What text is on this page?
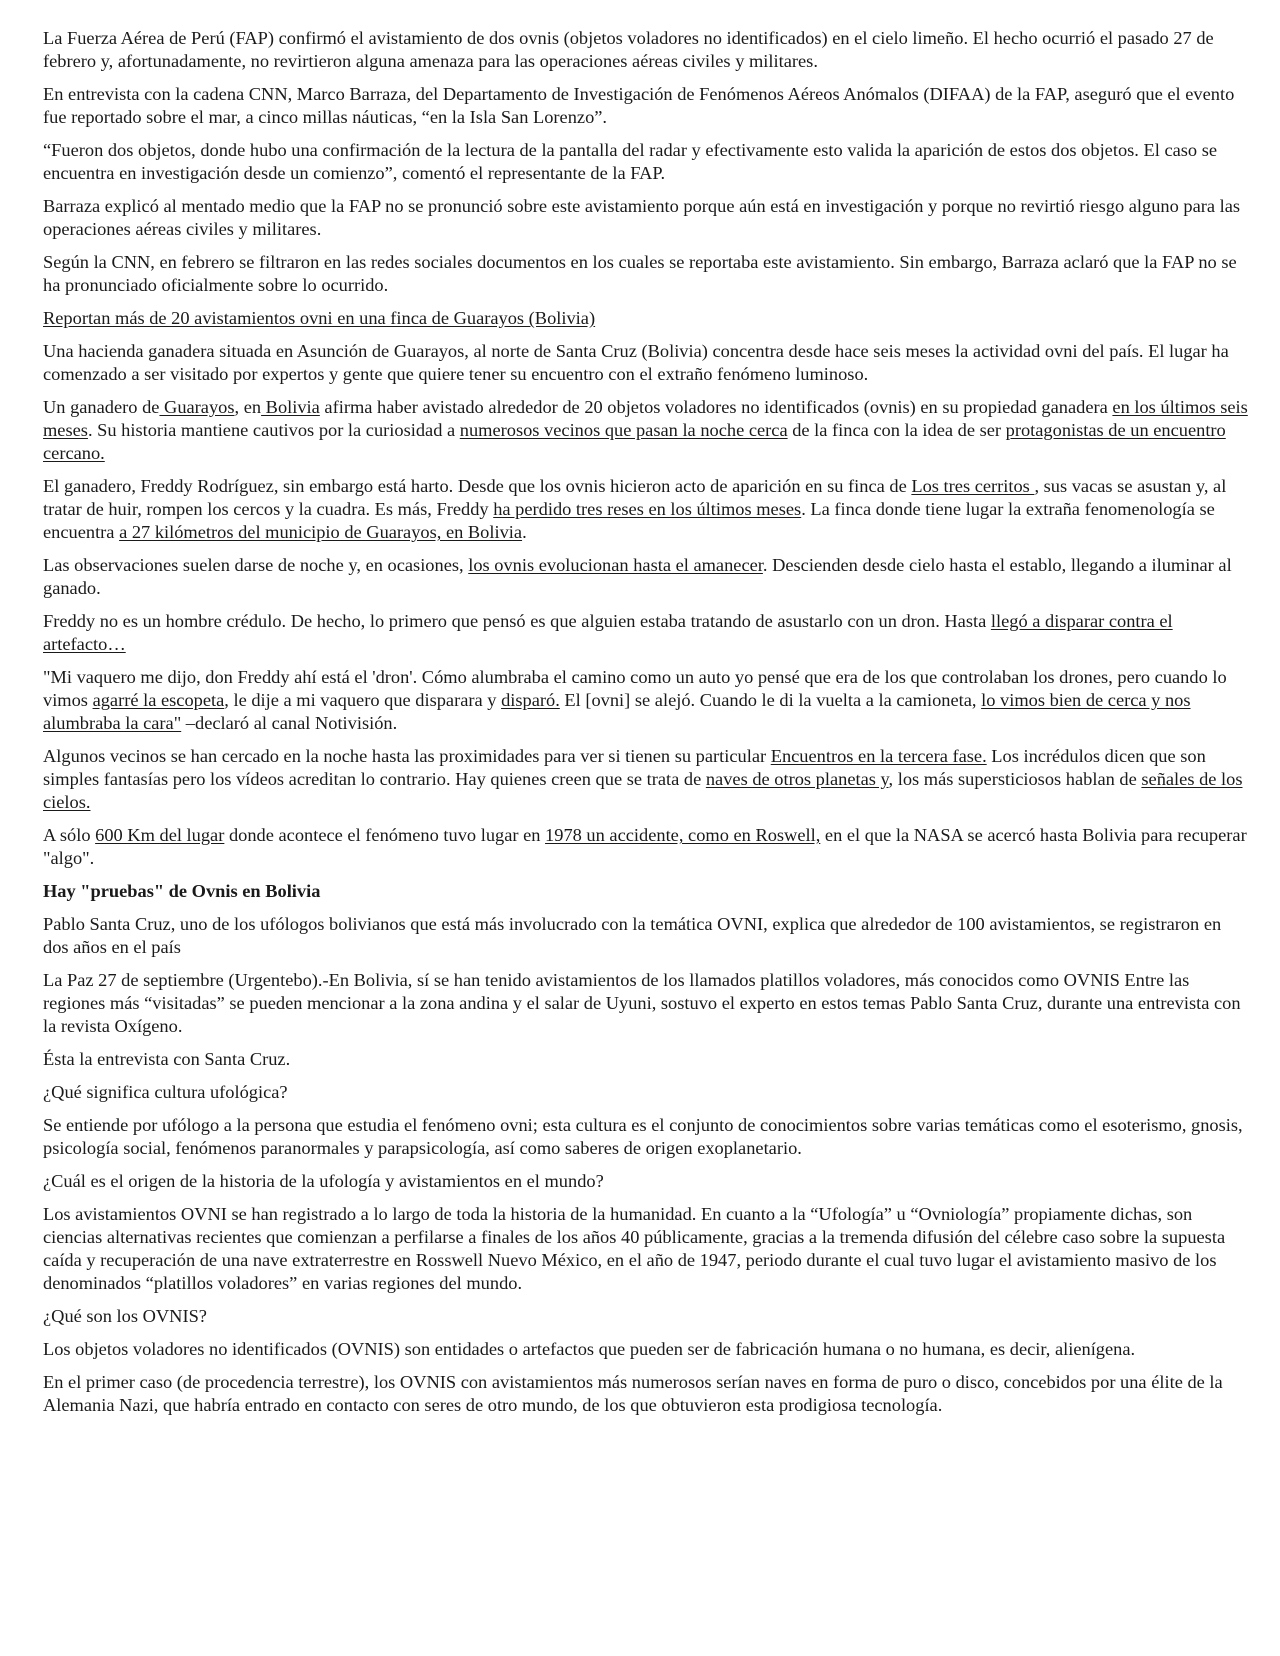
La Fuerza Aérea de Perú (FAP) confirmó el avistamiento de dos ovnis (objetos voladores no identificados) en el cielo limeño. El hecho ocurrió el pasado 27 de febrero y, afortunadamente, no revirtieron alguna amenaza para las operaciones aéreas civiles y militares.

En entrevista con la cadena CNN, Marco Barraza, del Departamento de Investigación de Fenómenos Aéreos Anómalos (DIFAA) de la FAP, aseguró que el evento fue reportado sobre el mar, a cinco millas náuticas, “en la Isla San Lorenzo”.

“Fueron dos objetos, donde hubo una confirmación de la lectura de la pantalla del radar y efectivamente esto valida la aparición de estos dos objetos. El caso se encuentra en investigación desde un comienzo”, comentó el representante de la FAP.

Barraza explicó al mentado medio que la FAP no se pronunció sobre este avistamiento porque aún está en investigación y porque no revirtió riesgo alguno para las operaciones aéreas civiles y militares.

Según la CNN, en febrero se filtraron en las redes sociales documentos en los cuales se reportaba este avistamiento. Sin embargo, Barraza aclaró que la FAP no se ha pronunciado oficialmente sobre lo ocurrido.

Reportan más de 20 avistamientos ovni en una finca de Guarayos (Bolivia)

Una hacienda ganadera situada en Asunción de Guarayos, al norte de Santa Cruz (Bolivia) concentra desde hace seis meses la actividad ovni del país. El lugar ha comenzado a ser visitado por expertos y gente que quiere tener su encuentro con el extraño fenómeno luminoso.

Un ganadero de Guarayos, en Bolivia afirma haber avistado alrededor de 20 objetos voladores no identificados (ovnis) en su propiedad ganadera en los últimos seis meses. Su historia mantiene cautivos por la curiosidad a numerosos vecinos que pasan la noche cerca de la finca con la idea de ser protagonistas de un encuentro cercano.

El ganadero, Freddy Rodríguez, sin embargo está harto. Desde que los ovnis hicieron acto de aparición en su finca de Los tres cerritos , sus vacas se asustan y, al tratar de huir, rompen los cercos y la cuadra. Es más, Freddy ha perdido tres reses en los últimos meses. La finca donde tiene lugar la extraña fenomenología se encuentra a 27 kilómetros del municipio de Guarayos, en Bolivia.

Las observaciones suelen darse de noche y, en ocasiones, los ovnis evolucionan hasta el amanecer. Descienden desde cielo hasta el establo, llegando a iluminar al ganado.

Freddy no es un hombre crédulo. De hecho, lo primero que pensó es que alguien estaba tratando de asustarlo con un dron. Hasta llegó a disparar contra el artefacto…

"Mi vaquero me dijo, don Freddy ahí está el 'dron'. Cómo alumbraba el camino como un auto yo pensé que era de los que controlaban los drones, pero cuando lo vimos agarré la escopeta, le dije a mi vaquero que disparara y disparó. El [ovni] se alejó. Cuando le di la vuelta a la camioneta, lo vimos bien de cerca y nos alumbraba la cara" –declaró al canal Notivisión.

Algunos vecinos se han cercado en la noche hasta las proximidades para ver si tienen su particular Encuentros en la tercera fase. Los incrédulos dicen que son simples fantasías pero los vídeos acreditan lo contrario. Hay quienes creen que se trata de naves de otros planetas y, los más supersticiosos hablan de señales de los cielos.

A sólo 600 Km del lugar donde acontece el fenómeno tuvo lugar en 1978 un accidente, como en Roswell, en el que la NASA se acercó hasta Bolivia para recuperar "algo".

Hay "pruebas" de Ovnis en Bolivia

Pablo Santa Cruz, uno de los ufólogos bolivianos que está más involucrado con la temática OVNI, explica que alrededor de 100 avistamientos, se registraron en dos años en el país

La Paz 27 de septiembre (Urgentebo).-En Bolivia, sí se han tenido avistamientos de los llamados platillos voladores, más conocidos como OVNIS Entre las regiones más “visitadas” se pueden mencionar a la zona andina y el salar de Uyuni, sostuvo el experto en estos temas Pablo Santa Cruz, durante una entrevista con la revista Oxígeno.

Ésta la entrevista con Santa Cruz.

¿Qué significa cultura ufológica?

Se entiende por ufólogo a la persona que estudia el fenómeno ovni; esta cultura es el conjunto de conocimientos sobre varias temáticas como el esoterismo, gnosis, psicología social, fenómenos paranormales y parapsicología, así como saberes de origen exoplanetario.

¿Cuál es el origen de la historia de la ufología y avistamientos en el mundo?

Los avistamientos OVNI se han registrado a lo largo de toda la historia de la humanidad. En cuanto a la “Ufología” u “Ovniología” propiamente dichas, son ciencias alternativas recientes que comienzan a perfilarse a finales de los años 40 públicamente, gracias a la tremenda difusión del célebre caso sobre la supuesta caída y recuperación de una nave extraterrestre en Rosswell Nuevo México, en el año de 1947, periodo durante el cual tuvo lugar el avistamiento masivo de los denominados “platillos voladores” en varias regiones del mundo.

¿Qué son los OVNIS?

Los objetos voladores no identificados (OVNIS) son entidades o artefactos que pueden ser de fabricación humana o no humana, es decir, alienígena.

En el primer caso (de procedencia terrestre), los OVNIS con avistamientos más numerosos serían naves en forma de puro o disco, concebidos por una élite de la Alemania Nazi, que habría entrado en contacto con seres de otro mundo, de los que obtuvieron esta prodigiosa tecnología.
